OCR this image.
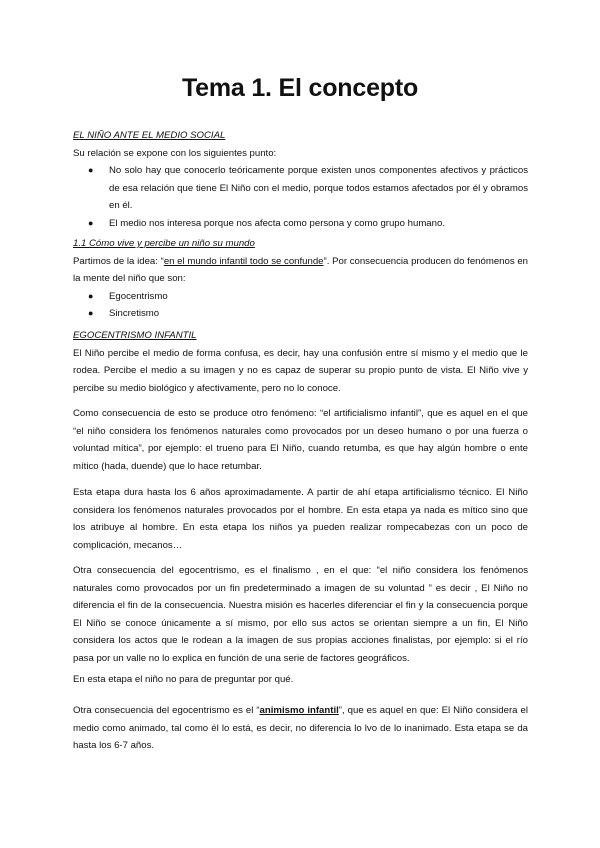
Tema 1. El concepto
EL NIÑO ANTE EL MEDIO SOCIAL
Su relación se expone con los siguientes punto:
● No solo hay que conocerlo teóricamente porque existen unos componentes afectivos y prácticos de esa relación que tiene El Niño con el medio, porque todos estamos afectados por él y obramos en él.
● El medio nos interesa porque nos afecta como persona y como grupo humano.
1.1 Cómo vive y percibe un niño su mundo

Partimos de la idea: “en el mundo infantil todo se confunde”. Por consecuencia producen do fenómenos en la mente del niño que son:

● Egocentrismo
● Sincretismo
EGOCENTRISMO INFANTIL

El Niño percibe el medio de forma confusa, es decir, hay una confusión entre sí mismo y el medio que le rodea. Percibe el medio a su imagen y no es capaz de superar su propio punto de vista. El Niño vive y percibe su medio biológico y afectivamente, pero no lo conoce.

Como consecuencia de esto se produce otro fenómeno: “el artificialismo infantil”, que es aquel en el que “el niño considera los fenómenos naturales como provocados por un deseo humano o por una fuerza o voluntad mítica”, por ejemplo: el trueno para El Niño, cuando retumba, es que hay algún hombre o ente mítico (hada, duende) que lo hace retumbar.

Esta etapa dura hasta los 6 años aproximadamente. A partir de ahí etapa artificialismo técnico. El Niño considera los fenómenos naturales provocados por el hombre. En esta etapa ya nada es mítico sino que los atribuye al hombre. En esta etapa los niños ya pueden realizar rompecabezas con un poco de complicación, mecanos…

Otra consecuencia del egocentrismo, es el finalismo , en el que: “el niño considera los fenómenos naturales como provocados por un fin predeterminado a imagen de su voluntad ” es decir , El Niño no diferencia el fin de la consecuencia. Nuestra misión es hacerles diferenciar el fin y la consecuencia porque El Niño se conoce únicamente a sí mismo, por ello sus actos se orientan siempre a un fin, El Niño considera los actos que le rodean a la imagen de sus propias acciones finalistas, por ejemplo: si el río pasa por un valle no lo explica en función de una serie de factores geográficos.

En esta etapa el niño no para de preguntar por qué.

Otra consecuencia del egocentrismo es el “animismo infantil”, que es aquel en que: El Niño considera el medio como animado, tal como él lo está, es decir, no diferencia lo lvo de lo inanimado. Esta etapa se da hasta los 6-7 años.
